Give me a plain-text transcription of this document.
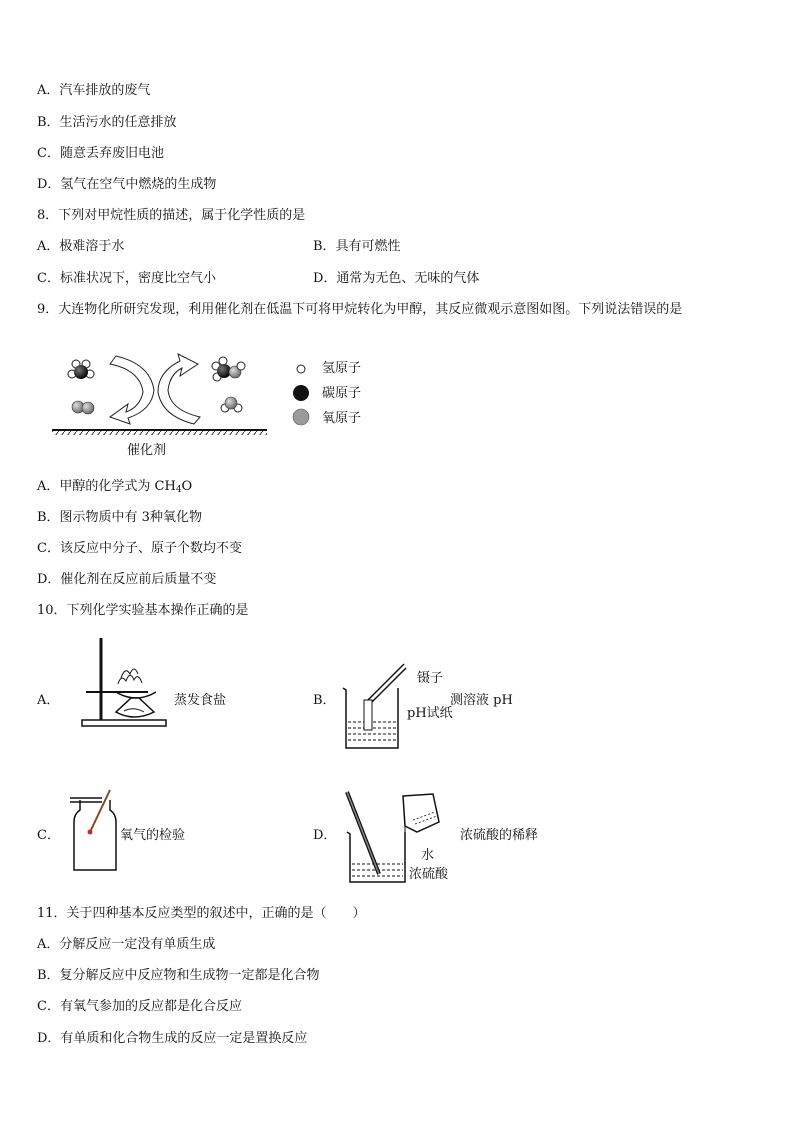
A．汽车排放的废气
B．生活污水的任意排放
C．随意丢弃废旧电池
D．氢气在空气中燃烧的生成物
8．下列对甲烷性质的描述，属于化学性质的是
A．极难溶于水	B．具有可燃性
C．标准状况下，密度比空气小	D．通常为无色、无味的气体
9．大连物化所研究发现，利用催化剂在低温下可将甲烷转化为甲醇，其反应微观示意图如图。下列说法错误的是
氢原子
碳原子
氧原子
催化剂
A．甲醇的化学式为 $CH_4O$
B．图示物质中有 3种氧化物
C．该反应中分子、原子个数均不变
D．催化剂在反应前后质量不变
10．下列化学实验基本操作正确的是
A．	蒸发食盐	B．
镊子
pH试纸
测溶液 pH
C．	氧气的检验	D．
水
浓硫酸
浓硫酸的稀释
11．关于四种基本反应类型的叙述中，正确的是（　　）
A．分解反应一定没有单质生成
B．复分解反应中反应物和生成物一定都是化合物
C．有氧气参加的反应都是化合反应
D．有单质和化合物生成的反应一定是置换反应
